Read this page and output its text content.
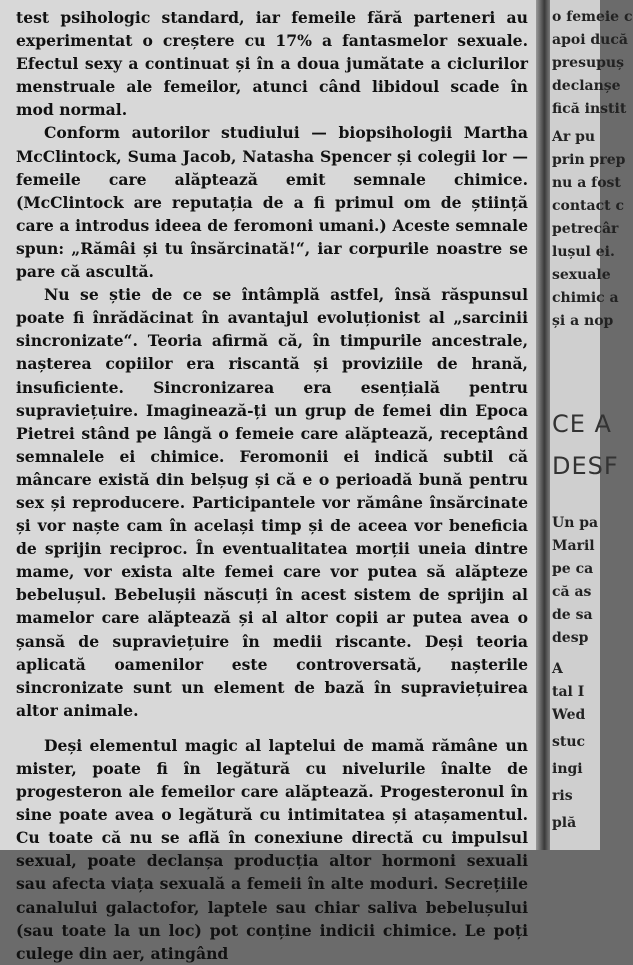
test psihologic standard, iar femeile fără parteneri au experimentat o creștere cu 17% a fantasmelor sexuale. Efectul sexy a continuat și în a doua jumătate a ciclurilor menstruale ale femeilor, atunci când libidoul scade în mod normal.

Conform autorilor studiului — biopsihologii Martha McClintock, Suma Jacob, Natasha Spencer și colegii lor — femeile care alăptează emit semnale chimice. (McClintock are reputația de a fi primul om de știință care a introdus ideea de feromoni umani.) Aceste semnale spun: „Rămâi și tu însărcinată!“, iar corpurile noastre se pare că ascultă.

Nu se știe de ce se întâmplă astfel, însă răspunsul poate fi înrădăcinat în avantajul evoluționist al „sarcinii sincronizate“. Teoria afirmă că, în timpurile ancestrale, nașterea copiilor era riscantă și proviziile de hrană, insuficiente. Sincronizarea era esențială pentru supraviețuire. Imaginează-ți un grup de femei din Epoca Pietrei stând pe lângă o femeie care alăptează, receptând semnalele ei chimice. Feromonii ei indică subtil că mâncare există din belșug și că e o perioadă bună pentru sex și reproducere. Participantele vor rămâne însărcinate și vor naște cam în același timp și de aceea vor beneficia de sprijin reciproc. În eventualitatea morții uneia dintre mame, vor exista alte femei care vor putea să alăpteze bebelușul. Bebelușii născuți în acest sistem de sprijin al mamelor care alăptează și al altor copii ar putea avea o șansă de supraviețuire în medii riscante. Deși teoria aplicată oamenilor este controversată, nașterile sincronizate sunt un element de bază în supraviețuirea altor animale.

Deși elementul magic al laptelui de mamă rămâne un mister, poate fi în legătură cu nivelurile înalte de progesteron ale femeilor care alăptează. Progesteronul în sine poate avea o legătură cu intimitatea și atașamentul. Cu toate că nu se află în conexiune directă cu impulsul sexual, poate declanșa producția altor hormoni sexuali sau afecta viața sexuală a femeii în alte moduri. Secrețiile canalului galactofor, laptele sau chiar saliva bebelușului (sau toate la un loc) pot conține indicii chimice. Le poți culege din aer, atingând

o femeie c
apoi ducă
presupuș
declanșe
fică instit
Ar pu
prin prep
nu a fost
contact c
petrecâr
lușul ei.
sexuale
chimic a
și a nop
CE A
DESF
Un pa
Maril
pe ca
că as
de sa
desp
A
tal I
Wed
stuc
ingi
ris
plă
